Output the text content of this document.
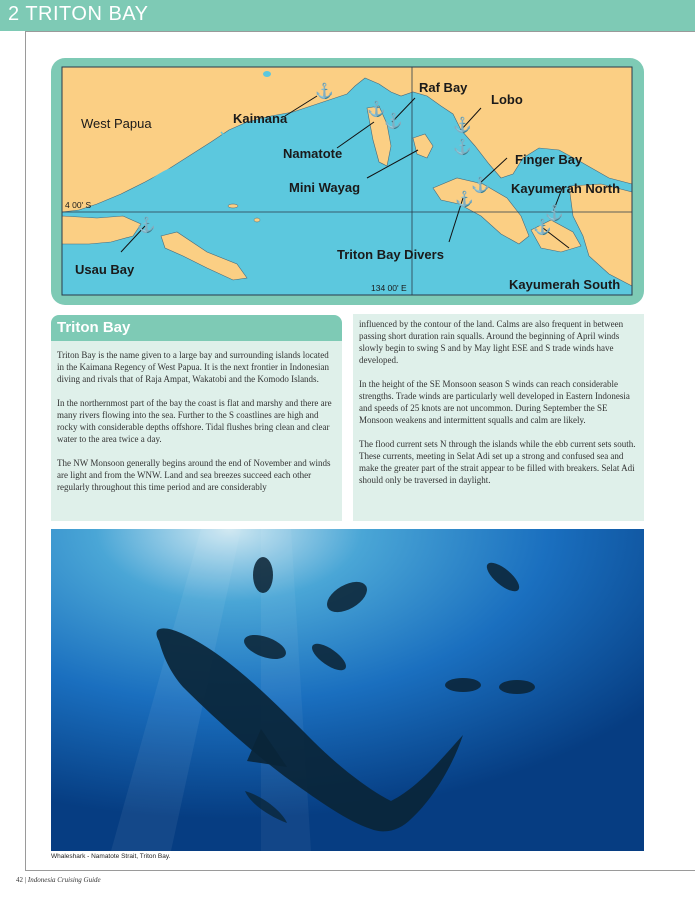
2 TRITON BAY
⚓
⚓
⚓	⚓
⚓
⚓
⚓
⚓
⚓
⚓
West Papua	Kaimana
Namatote
Mini Wayag
Raf Bay
Lobo
Finger Bay
Kayumerah North
Triton Bay Divers
Usau Bay
Kayumerah South
4 00' S
134 00' E
Triton Bay

Triton Bay is the name given to a large bay and surrounding islands located in the Kaimana Regency of West Papua. It is the next frontier in Indonesian diving and rivals that of Raja Ampat, Wakatobi and the Komodo Islands.

In the northernmost part of the bay the coast is flat and marshy and there are many rivers flowing into the sea. Further to the S coastlines are high and rocky with considerable depths offshore. Tidal flushes bring clean and clear water to the area twice a day.

The NW Monsoon generally begins around the end of November and winds are light and from the WNW. Land and sea breezes succeed each other regularly throughout this time period and are considerably

influenced by the contour of the land. Calms are also frequent in between passing short duration rain squalls. Around the beginning of April winds slowly begin to swing S and by May light ESE and S trade winds have developed.

In the height of the SE Monsoon season S winds can reach considerable strengths. Trade winds are particularly well developed in Eastern Indonesia and speeds of 25 knots are not uncommon. During September the SE Monsoon weakens and intermittent squalls and calm are likely.

The flood current sets N through the islands while the ebb current sets south. These currents, meeting in Selat Adi set up a strong and confused sea and make the greater part of the strait appear to be filled with breakers. Selat Adi should only be traversed in daylight.

Whaleshark - Namatote Strait, Triton Bay.
42 | Indonesia Cruising Guide
